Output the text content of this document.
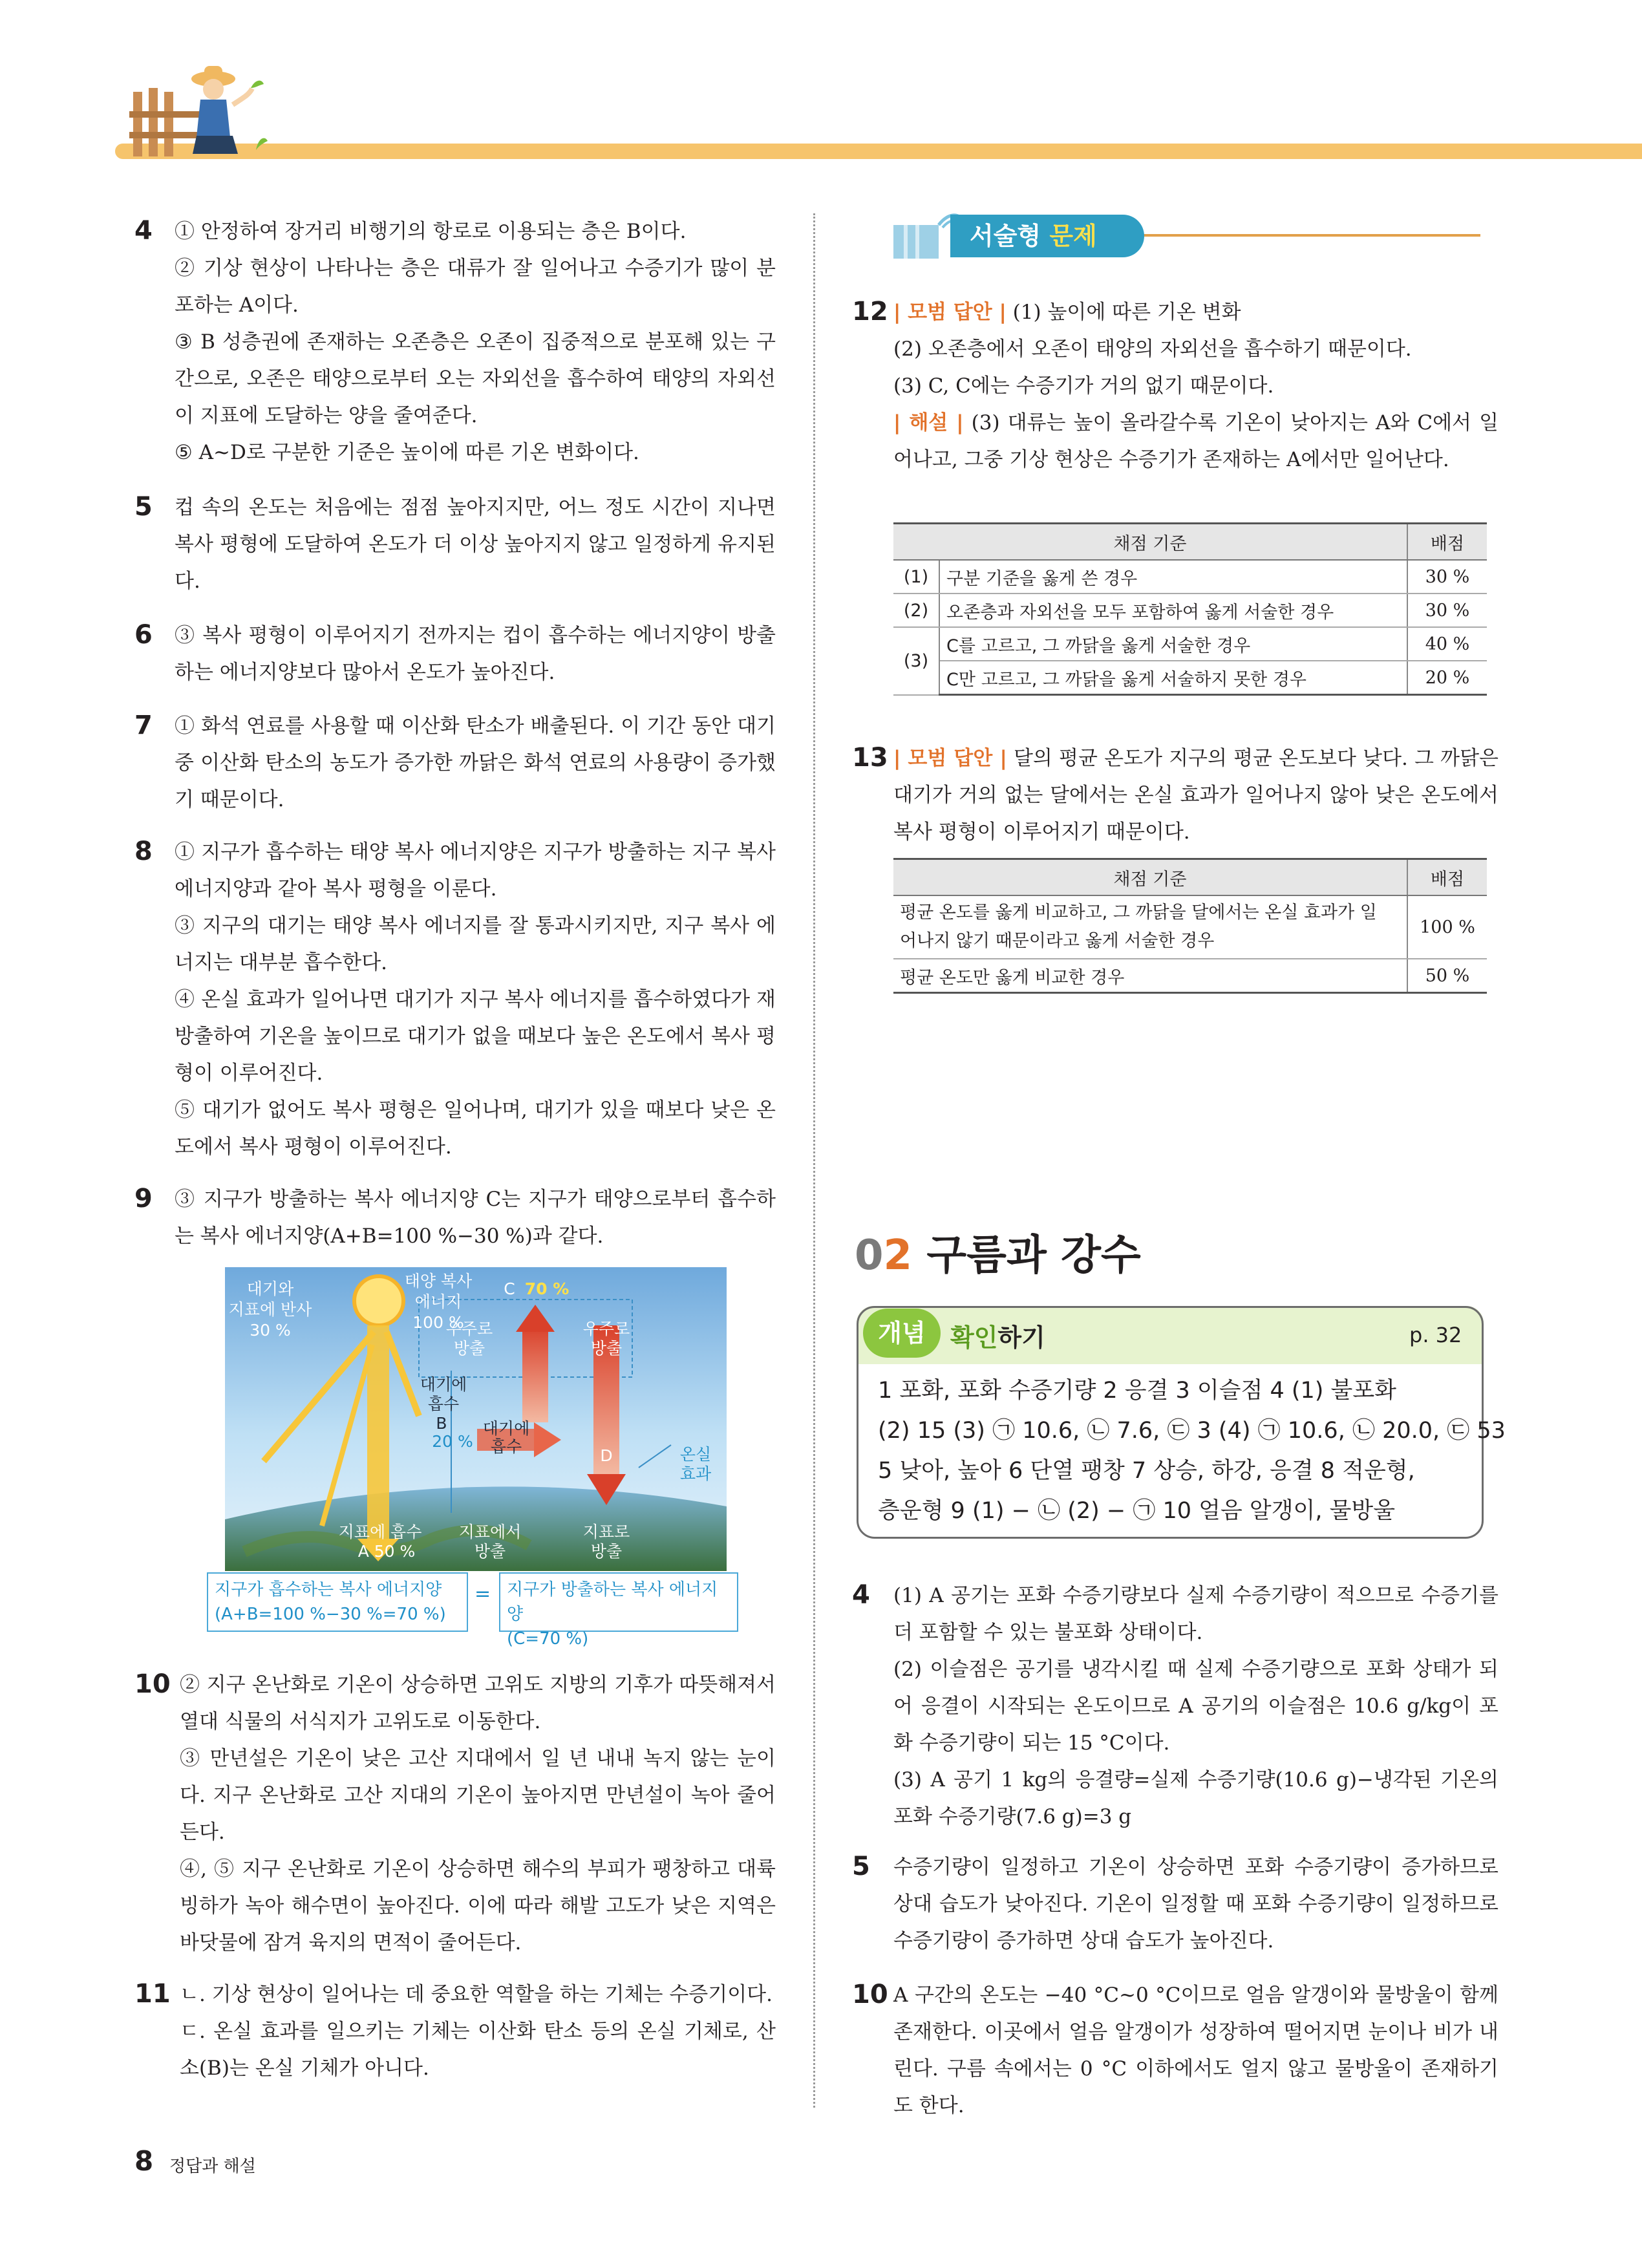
4 ① 안정하여 장거리 비행기의 항로로 이용되는 층은 B이다.

② 기상 현상이 나타나는 층은 대류가 잘 일어나고 수증기가 많이 분포하는 A이다.

③ B 성층권에 존재하는 오존층은 오존이 집중적으로 분포해 있는 구간으로, 오존은 태양으로부터 오는 자외선을 흡수하여 태양의 자외선이 지표에 도달하는 양을 줄여준다.

⑤ A~D로 구분한 기준은 높이에 따른 기온 변화이다.

5 컵 속의 온도는 처음에는 점점 높아지지만, 어느 정도 시간이 지나면 복사 평형에 도달하여 온도가 더 이상 높아지지 않고 일정하게 유지된다.

6 ③ 복사 평형이 이루어지기 전까지는 컵이 흡수하는 에너지양이 방출하는 에너지양보다 많아서 온도가 높아진다.

7 ① 화석 연료를 사용할 때 이산화 탄소가 배출된다. 이 기간 동안 대기 중 이산화 탄소의 농도가 증가한 까닭은 화석 연료의 사용량이 증가했기 때문이다.

8 ① 지구가 흡수하는 태양 복사 에너지양은 지구가 방출하는 지구 복사 에너지양과 같아 복사 평형을 이룬다.

③ 지구의 대기는 태양 복사 에너지를 잘 통과시키지만, 지구 복사 에너지는 대부분 흡수한다.

④ 온실 효과가 일어나면 대기가 지구 복사 에너지를 흡수하였다가 재방출하여 기온을 높이므로 대기가 없을 때보다 높은 온도에서 복사 평형이 이루어진다.

⑤ 대기가 없어도 복사 평형은 일어나며, 대기가 있을 때보다 낮은 온도에서 복사 평형이 이루어진다.

9 ③ 지구가 방출하는 복사 에너지양 C는 지구가 태양으로부터 흡수하는 복사 에너지양(A+B=100 %−30 %)과 같다.

대기와
지표에 반사
30 %
태양 복사
에너지
100 %
C 70 %
우주로
방출
우주로
방출
대기에
흡수
B
20 %
대기에
흡수	D	온실
효과
지표에 흡수
A 50 %
지표에서
방출
지표로
방출
지구가 흡수하는 복사 에너지양
(A+B=100 %−30 %=70 %)
= 지구가 방출하는 복사 에너지양
(C=70 %)
10 ② 지구 온난화로 기온이 상승하면 고위도 지방의 기후가 따뜻해져서 열대 식물의 서식지가 고위도로 이동한다.

③ 만년설은 기온이 낮은 고산 지대에서 일 년 내내 녹지 않는 눈이다. 지구 온난화로 고산 지대의 기온이 높아지면 만년설이 녹아 줄어든다.

④, ⑤ 지구 온난화로 기온이 상승하면 해수의 부피가 팽창하고 대륙 빙하가 녹아 해수면이 높아진다. 이에 따라 해발 고도가 낮은 지역은 바닷물에 잠겨 육지의 면적이 줄어든다.

11 ㄴ. 기상 현상이 일어나는 데 중요한 역할을 하는 기체는 수증기이다.

ㄷ. 온실 효과를 일으키는 기체는 이산화 탄소 등의 온실 기체로, 산소(B)는 온실 기체가 아니다.

서술형 문제
12 | 모범 답안 | (1) 높이에 따른 기온 변화

(2) 오존층에서 오존이 태양의 자외선을 흡수하기 때문이다.

(3) C, C에는 수증기가 거의 없기 때문이다.

| 해설 | (3) 대류는 높이 올라갈수록 기온이 낮아지는 A와 C에서 일어나고, 그중 기상 현상은 수증기가 존재하는 A에서만 일어난다.

채점 기준		배점
(1)	구분 기준을 옳게 쓴 경우	30 %
(2)	오존층과 자외선을 모두 포함하여 옳게 서술한 경우	30 %
(3)	C를 고르고, 그 까닭을 옳게 서술한 경우	40 %
	C만 고르고, 그 까닭을 옳게 서술하지 못한 경우	20 %
13 | 모범 답안 | 달의 평균 온도가 지구의 평균 온도보다 낮다. 그 까닭은 대기가 거의 없는 달에서는 온실 효과가 일어나지 않아 낮은 온도에서 복사 평형이 이루어지기 때문이다.

채점 기준	배점

평균 온도를 옳게 비교하고, 그 까닭을 달에서는 온실 효과가 일
어나지 않기 때문이라고 옳게 서술한 경우	100 %
평균 온도만 옳게 비교한 경우	50 %
02 구름과 강수
개념	확인하기	p. 32

1 포화, 포화 수증기량 2 응결 3 이슬점 4 (1) 불포화

(2) 15 (3) ㉠ 10.6, ㉡ 7.6, ㉢ 3 (4) ㉠ 10.6, ㉡ 20.0, ㉢ 53

5 낮아, 높아 6 단열 팽창 7 상승, 하강, 응결 8 적운형,

층운형 9 (1) − ㉡ (2) − ㉠ 10 얼음 알갱이, 물방울

4 (1) A 공기는 포화 수증기량보다 실제 수증기량이 적으므로 수증기를 더 포함할 수 있는 불포화 상태이다.

(2) 이슬점은 공기를 냉각시킬 때 실제 수증기량으로 포화 상태가 되어 응결이 시작되는 온도이므로 A 공기의 이슬점은 10.6 g/kg이 포화 수증기량이 되는 15 °C이다.

(3) A 공기 1 kg의 응결량=실제 수증기량(10.6 g)−냉각된 기온의 포화 수증기량(7.6 g)=3 g

5 수증기량이 일정하고 기온이 상승하면 포화 수증기량이 증가하므로 상대 습도가 낮아진다. 기온이 일정할 때 포화 수증기량이 일정하므로 수증기량이 증가하면 상대 습도가 높아진다.

10 A 구간의 온도는 −40 °C~0 °C이므로 얼음 알갱이와 물방울이 함께 존재한다. 이곳에서 얼음 알갱이가 성장하여 떨어지면 눈이나 비가 내린다. 구름 속에서는 0 °C 이하에서도 얼지 않고 물방울이 존재하기도 한다.

8 정답과 해설
